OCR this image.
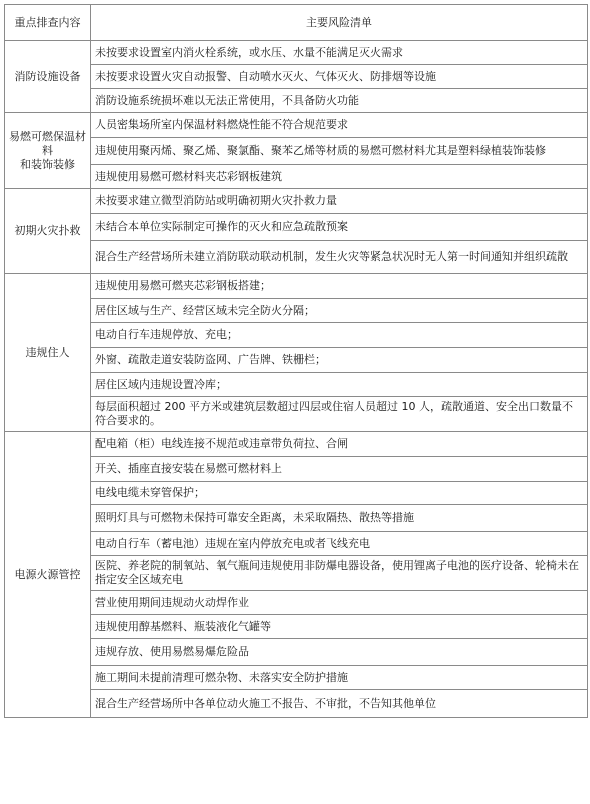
重点排查内容	主要风险清单
消防设施设备	未按要求设置室内消火栓系统，或水压、水量不能满足灭火需求
	未按要求设置火灾自动报警、自动喷水灭火、气体灭火、防排烟等设施
	消防设施系统损坏难以无法正常使用，不具备防火功能
易燃可燃保温材料
和装饰装修	人员密集场所室内保温材料燃烧性能不符合规范要求
	违规使用聚丙烯、聚乙烯、聚氯酯、聚苯乙烯等材质的易燃可燃材料尤其是塑料绿植装饰装修
	违规使用易燃可燃材料夹芯彩钢板建筑
初期火灾扑救	未按要求建立微型消防站或明确初期火灾扑救力量
	未结合本单位实际制定可操作的灭火和应急疏散预案
	混合生产经营场所未建立消防联动联动机制，发生火灾等紧急状况时无人第一时间通知并组织疏散
违规住人	违规使用易燃可燃夹芯彩钢板搭建；
	居住区域与生产、经营区域未完全防火分隔；
	电动自行车违规停放、充电；
	外窗、疏散走道安装防盗网、广告牌、铁栅栏；
	居住区域内违规设置冷库；
	每层面积超过 200 平方米或建筑层数超过四层或住宿人员超过 10 人，疏散通道、安全出口数量不符合要求的。
电源火源管控	配电箱（柜）电线连接不规范或违章带负荷拉、合闸
	开关、插座直接安装在易燃可燃材料上
	电线电缆未穿管保护；
	照明灯具与可燃物未保持可靠安全距离，未采取隔热、散热等措施
	电动自行车（蓄电池）违规在室内停放充电或者飞线充电
	医院、养老院的制氧站、氧气瓶间违规使用非防爆电器设备，使用锂离子电池的医疗设备、轮椅未在指定安全区域充电
	营业使用期间违规动火动焊作业
	违规使用醇基燃料、瓶装液化气罐等
	违规存放、使用易燃易爆危险品
	施工期间未提前清理可燃杂物、未落实安全防护措施
	混合生产经营场所中各单位动火施工不报告、不审批，不告知其他单位
